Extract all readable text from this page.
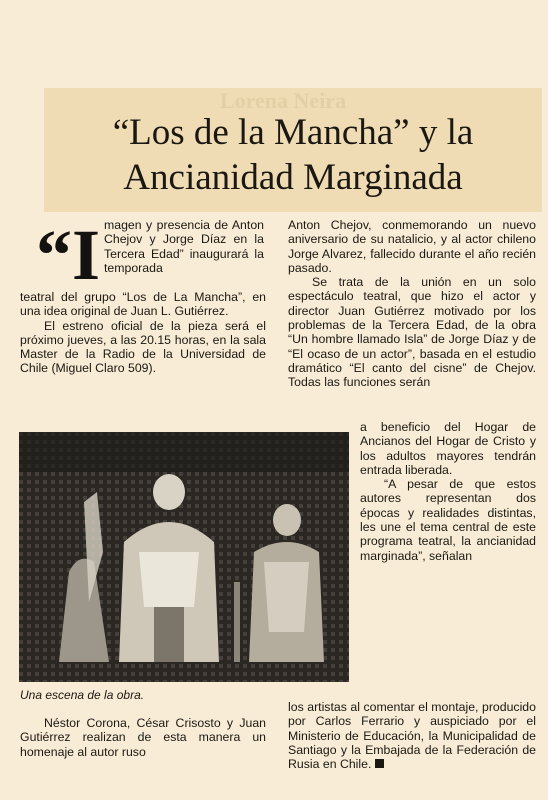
Lorena Neira
“Los de la Mancha” y la
Ancianidad Marginada
“I magen y presencia de Anton Chejov y Jorge Díaz en la Tercera Edad” inaugurará la temporada

teatral del grupo “Los de La Mancha”, en una idea original de Juan L. Gutiérrez.

El estreno oficial de la pieza será el próximo jueves, a las 20.15 horas, en la sala Master de la Radio de la Universidad de Chile (Miguel Claro 509).

Una escena de la obra.

Néstor Corona, César Crisosto y Juan Gutiérrez realizan de esta manera un homenaje al autor ruso

Anton Chejov, conmemorando un nuevo aniversario de su natalicio, y al actor chileno Jorge Alvarez, fallecido durante el año recién pasado.

Se trata de la unión en un solo espectáculo teatral, que hizo el actor y director Juan Gutiérrez motivado por los problemas de la Tercera Edad, de la obra “Un hombre llamado Isla” de Jorge Díaz y de “El ocaso de un actor”, basada en el estudio dramático “El canto del cisne” de Chejov. Todas las funciones serán

a beneficio del Hogar de Ancianos del Hogar de Cristo y los adultos mayores tendrán entrada liberada.

“A pesar de que estos autores representan dos épocas y realidades distintas, les une el tema central de este programa teatral, la ancianidad marginada”, señalan

los artistas al comentar el montaje, producido por Carlos Ferrario y auspiciado por el Ministerio de Educación, la Municipalidad de Santiago y la Embajada de la Federación de Rusia en Chile.
